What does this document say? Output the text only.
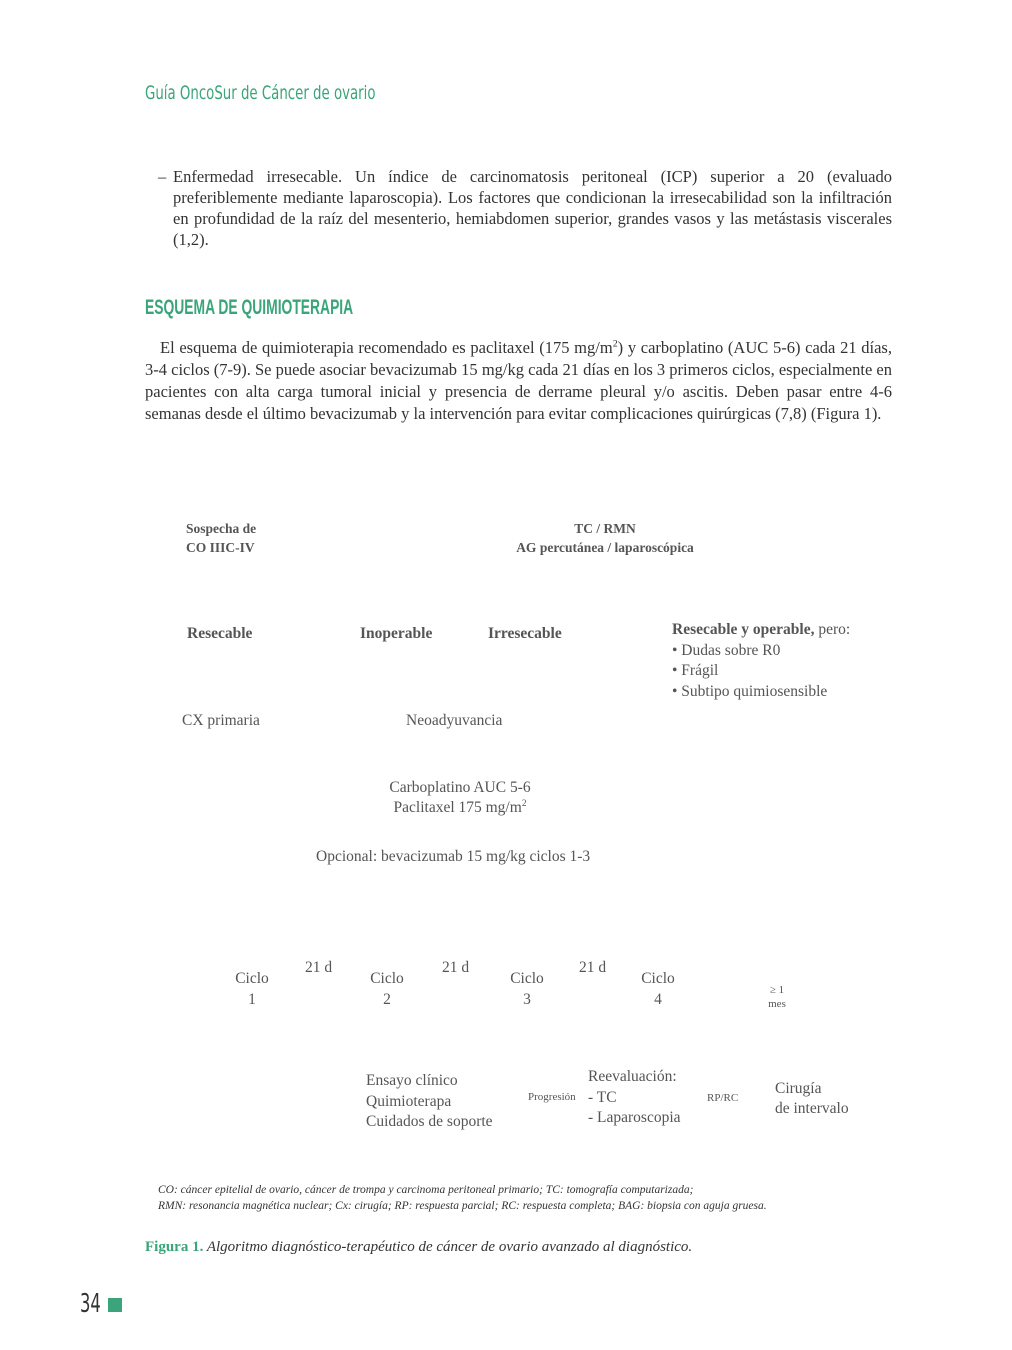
Guía OncoSur de Cáncer de ovario
– Enfermedad irresecable. Un índice de carcinomatosis peritoneal (ICP) superior a 20 (evaluado preferiblemente mediante laparoscopia). Los factores que condicionan la irresecabilidad son la infiltración en profundidad de la raíz del mesenterio, hemiabdomen superior, grandes vasos y las metástasis viscerales (1,2).
ESQUEMA DE QUIMIOTERAPIA
El esquema de quimioterapia recomendado es paclitaxel (175 $mg/m^2$) y carboplatino (AUC 5-6) cada 21 días, 3-4 ciclos (7-9). Se puede asociar bevacizumab 15 mg/kg cada 21 días en los 3 primeros ciclos, especialmente en pacientes con alta carga tumoral inicial y presencia de derrame pleural y/o ascitis. Deben pasar entre 4-6 semanas desde el último bevacizumab y la intervención para evitar complicaciones quirúrgicas (7,8) (Figura 1).
Sospecha de
CO IIIC-IV
TC / RMN
AG percutánea / laparoscópica
Resecable	Inoperable	Irresecable	Resecable y operable, pero:
• Dudas sobre R0
• Frágil
• Subtipo quimiosensible
CX primaria	Neoadyuvancia
Carboplatino AUC 5-6
Paclitaxel 175 $mg/m^2$
Opcional: bevacizumab 15 mg/kg ciclos 1-3
Ciclo
1
21 d
Ciclo
2
21 d
Ciclo
3
21 d
Ciclo
4
≥ 1
mes
Ensayo clínico
Quimioterapa
Cuidados de soporte
Progresión
Reevaluación:
- TC
- Laparoscopia
RP/RC
Cirugía
de intervalo
CO: cáncer epitelial de ovario, cáncer de trompa y carcinoma peritoneal primario; TC: tomografía computarizada;
RMN: resonancia magnética nuclear; Cx: cirugía; RP: respuesta parcial; RC: respuesta completa; BAG: biopsia con aguja gruesa.
Figura 1. Algoritmo diagnóstico-terapéutico de cáncer de ovario avanzado al diagnóstico.
34
